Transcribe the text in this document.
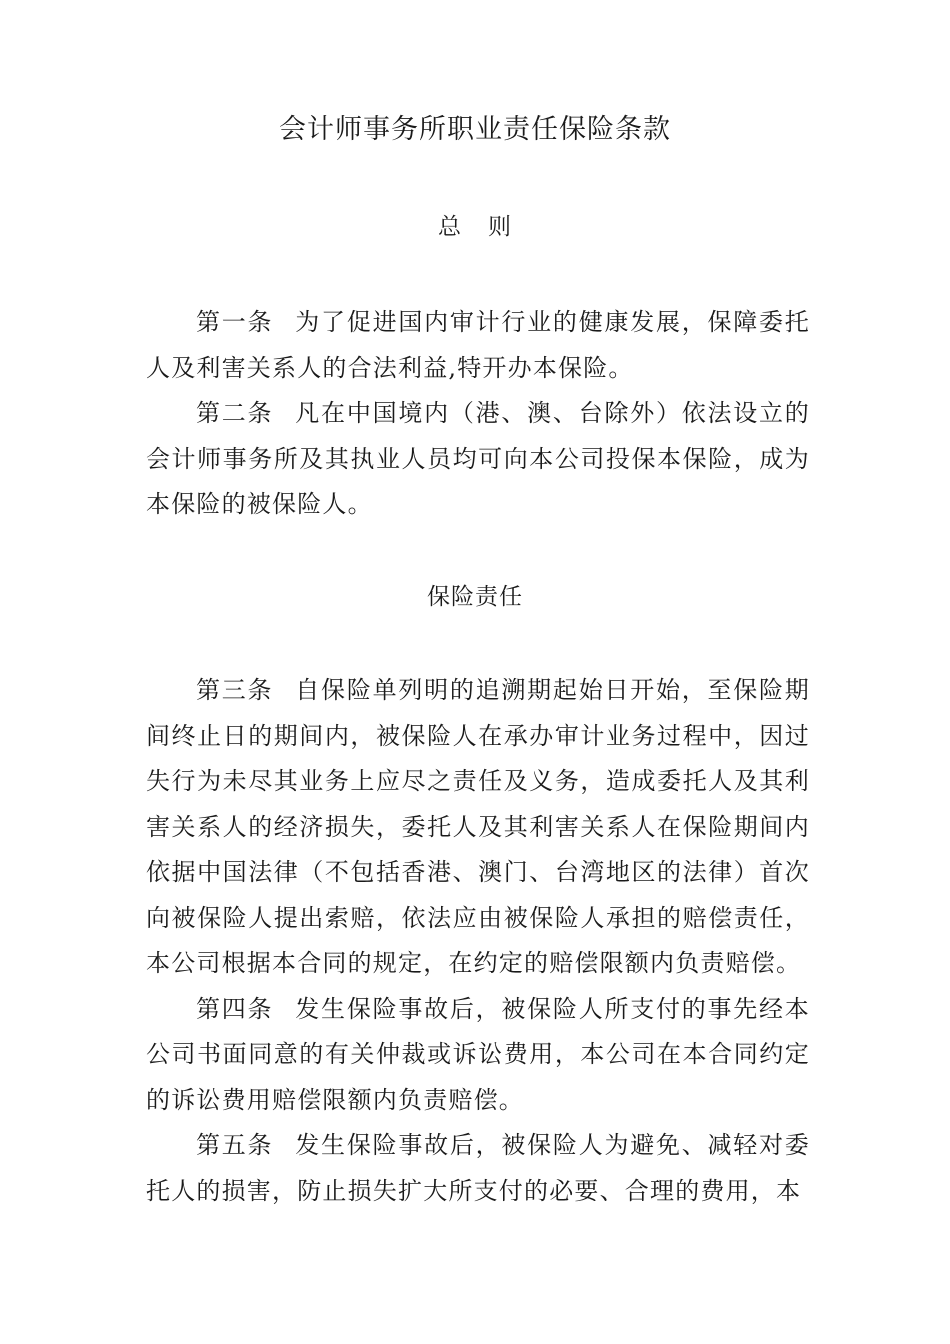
会计师事务所职业责任保险条款
总 则

第一条 为了促进国内审计行业的健康发展，保障委托人及利害关系人的合法利益,特开办本保险。

第二条 凡在中国境内（港、澳、台除外）依法设立的会计师事务所及其执业人员均可向本公司投保本保险，成为本保险的被保险人。

保险责任

第三条 自保险单列明的追溯期起始日开始，至保险期间终止日的期间内，被保险人在承办审计业务过程中，因过失行为未尽其业务上应尽之责任及义务，造成委托人及其利害关系人的经济损失，委托人及其利害关系人在保险期间内依据中国法律（不包括香港、澳门、台湾地区的法律）首次向被保险人提出索赔，依法应由被保险人承担的赔偿责任，本公司根据本合同的规定，在约定的赔偿限额内负责赔偿。

第四条 发生保险事故后，被保险人所支付的事先经本公司书面同意的有关仲裁或诉讼费用，本公司在本合同约定的诉讼费用赔偿限额内负责赔偿。

第五条 发生保险事故后，被保险人为避免、减轻对委托人的损害，防止损失扩大所支付的必要、合理的费用，本
